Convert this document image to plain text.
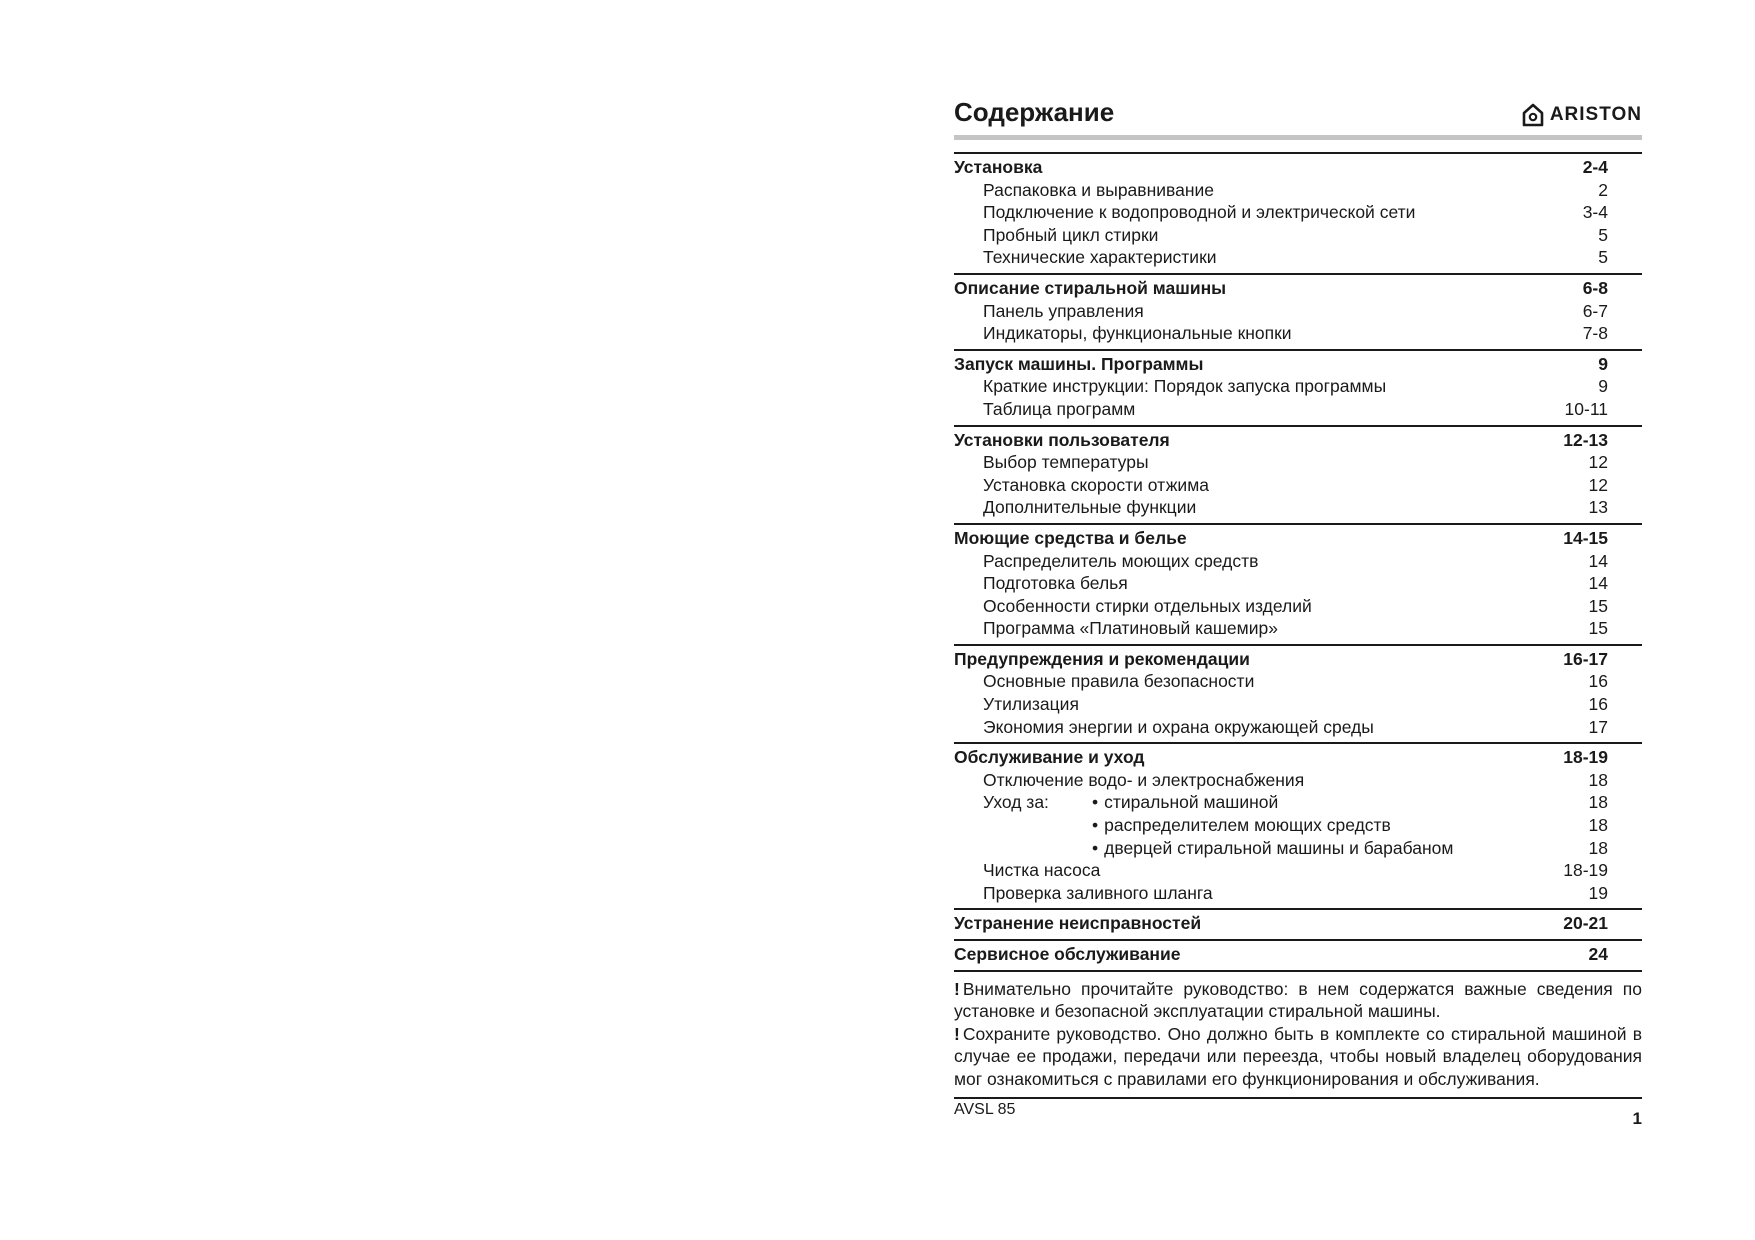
Содержание	ARISTON
Установка	2-4
Распаковка и выравнивание	2
Подключение к водопроводной и электрической сети	3-4
Пробный цикл стирки	5
Технические характеристики	5
Описание стиральной машины	6-8
Панель управления	6-7
Индикаторы, функциональные кнопки	7-8
Запуск машины. Программы	9
Краткие инструкции: Порядок запуска программы	9
Таблица программ	10-11
Установки пользователя	12-13
Выбор температуры	12
Установка скорости отжима	12
Дополнительные функции	13
Моющие средства и белье	14-15
Распределитель моющих средств	14
Подготовка белья	14
Особенности стирки отдельных изделий	15
Программа «Платиновый кашемир»	15
Предупреждения и рекомендации	16-17
Основные правила безопасности	16
Утилизация	16
Экономия энергии и охрана окружающей среды	17
Обслуживание и уход	18-19
Отключение водо- и электроснабжения	18
Уход за: • стиральной машиной	18
• распределителем моющих средств	18
• дверцей стиральной машины и барабаном	18
Чистка насоса	18-19
Проверка заливного шланга	19
Устранение неисправностей	20-21
Сервисное обслуживание	24

! Внимательно прочитайте руководство: в нем содержатся важные сведения по установке и безопасной эксплуатации стиральной машины.

! Сохраните руководство. Оно должно быть в комплекте со стиральной машиной в случае ее продажи, передачи или переезда, чтобы новый владелец оборудования мог ознакомиться с правилами его функционирования и обслуживания.

AVSL 85	1
